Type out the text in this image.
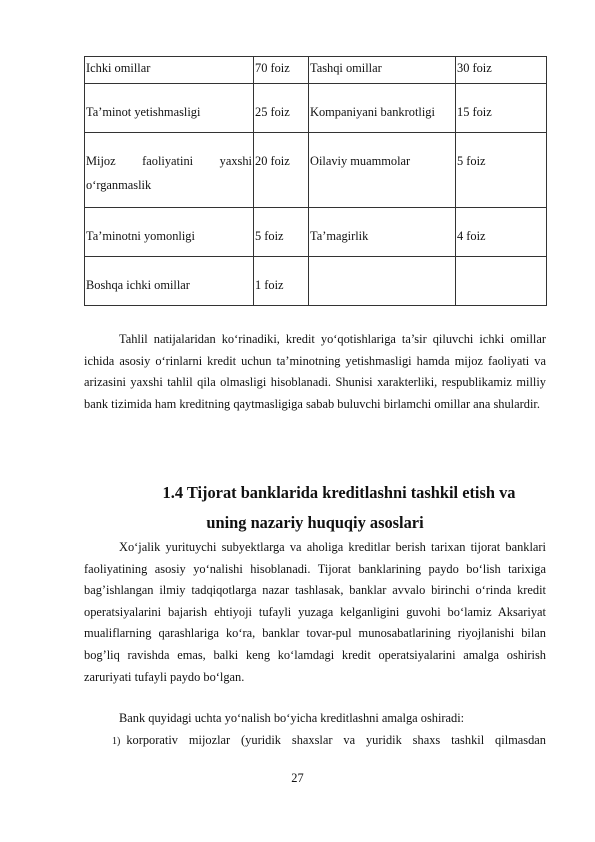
Ichki omillar	70 foiz	Tashqi omillar	30 foiz
Ta’minot yetishmasligi	25 foiz	Kompaniyani bankrotligi	15 foiz

Mijoz faoliyatini yaxshi
o‘rganmaslik	20 foiz	Oilaviy muammolar	5 foiz
Ta’minotni yomonligi	5 foiz	Ta’magirlik	4 foiz
Boshqa ichki omillar	1 foiz		

Tahlil natijalaridan ko‘rinadiki, kredit yo‘qotishlariga ta’sir qiluvchi ichki omillar ichida asosiy o‘rinlarni kredit uchun ta’minotning yetishmasligi hamda mijoz faoliyati va arizasini yaxshi tahlil qila olmasligi hisoblanadi. Shunisi xarakterliki, respublikamiz milliy bank tizimida ham kreditning qaytmasligiga sabab buluvchi birlamchi omillar ana shulardir.

1.4 Tijorat banklarida kreditlashni tashkil etish va
uning nazariy huquqiy asoslari

Xo‘jalik yurituychi subyektlarga va aholiga kreditlar berish tarixan tijorat banklari faoliyatining asosiy yo‘nalishi hisoblanadi. Tijorat banklarining paydo bo‘lish tarixiga bag’ishlangan ilmiy tadqiqotlarga nazar tashlasak, banklar avvalo birinchi o‘rinda kredit operatsiyalarini bajarish ehtiyoji tufayli yuzaga kelganligini guvohi bo‘lamiz Aksariyat mualiflarning qarashlariga ko‘ra, banklar tovar-pul munosabatlarining riyojlanishi bilan bog’liq ravishda emas, balki keng ko‘lamdagi kredit operatsiyalarini amalga oshirish zaruriyati tufayli paydo bo‘lgan.

Bank quyidagi uchta yo‘nalish bo‘yicha kreditlashni amalga oshiradi:

1) korporativ mijozlar (yuridik shaxslar va yuridik shaxs tashkil qilmasdan

27
